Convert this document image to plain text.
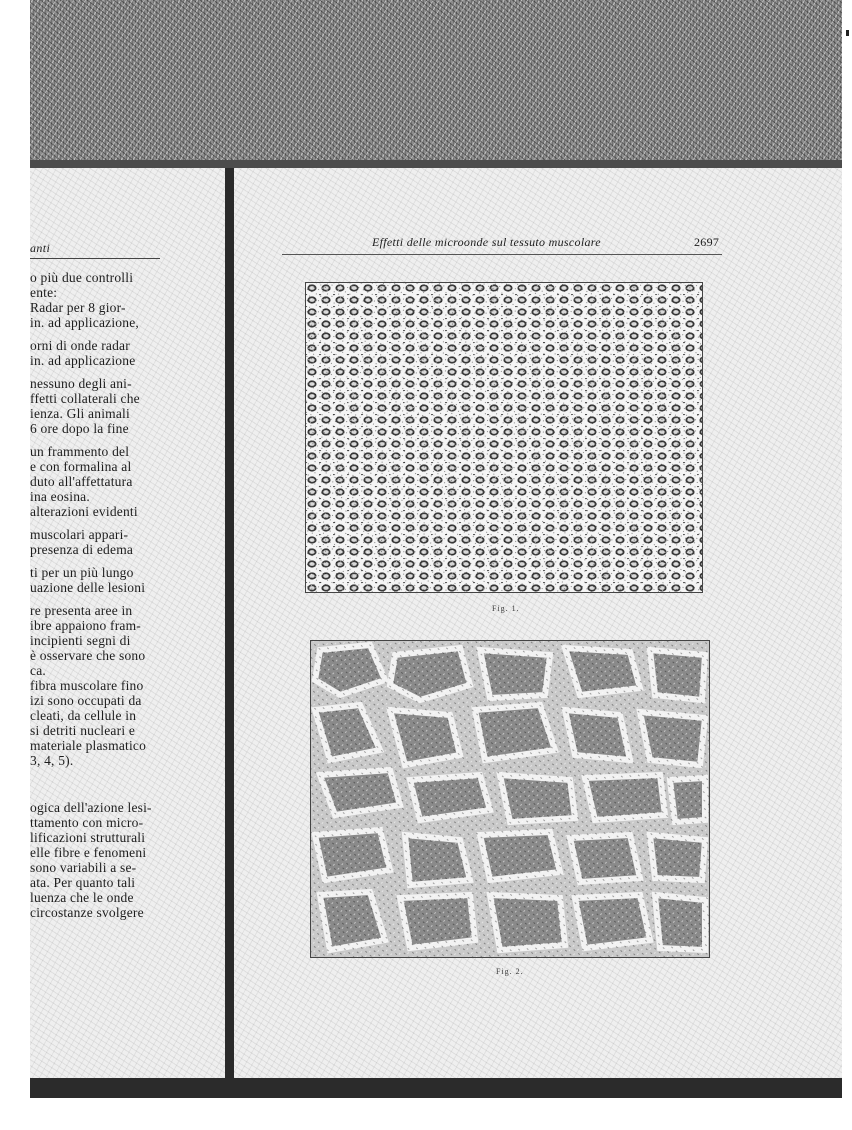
anti
o più due controlli
ente:
Radar per 8 gior-
in. ad applicazione,
orni di onde radar
in. ad applicazione
nessuno degli ani-
ffetti collaterali che
ienza. Gli animali
6 ore dopo la fine
un frammento del
e con formalina al
duto all'affettatura
ina eosina.
alterazioni evidenti
muscolari appari-
presenza di edema
ti per un più lungo
uazione delle lesioni
re presenta aree in
ibre appaiono fram-
incipienti segni di
è osservare che sono
ca.
fibra muscolare fino
izi sono occupati da
cleati, da cellule in
si detriti nucleari e
materiale plasmatico
3, 4, 5).
ogica dell'azione lesi-
ttamento con micro-
lificazioni strutturali
elle fibre e fenomeni
sono variabili a se-
ata. Per quanto tali
luenza che le onde
circostanze svolgere
Effetti delle microonde sul tessuto muscolare	2697
Fig. 1.
Fig. 2.
